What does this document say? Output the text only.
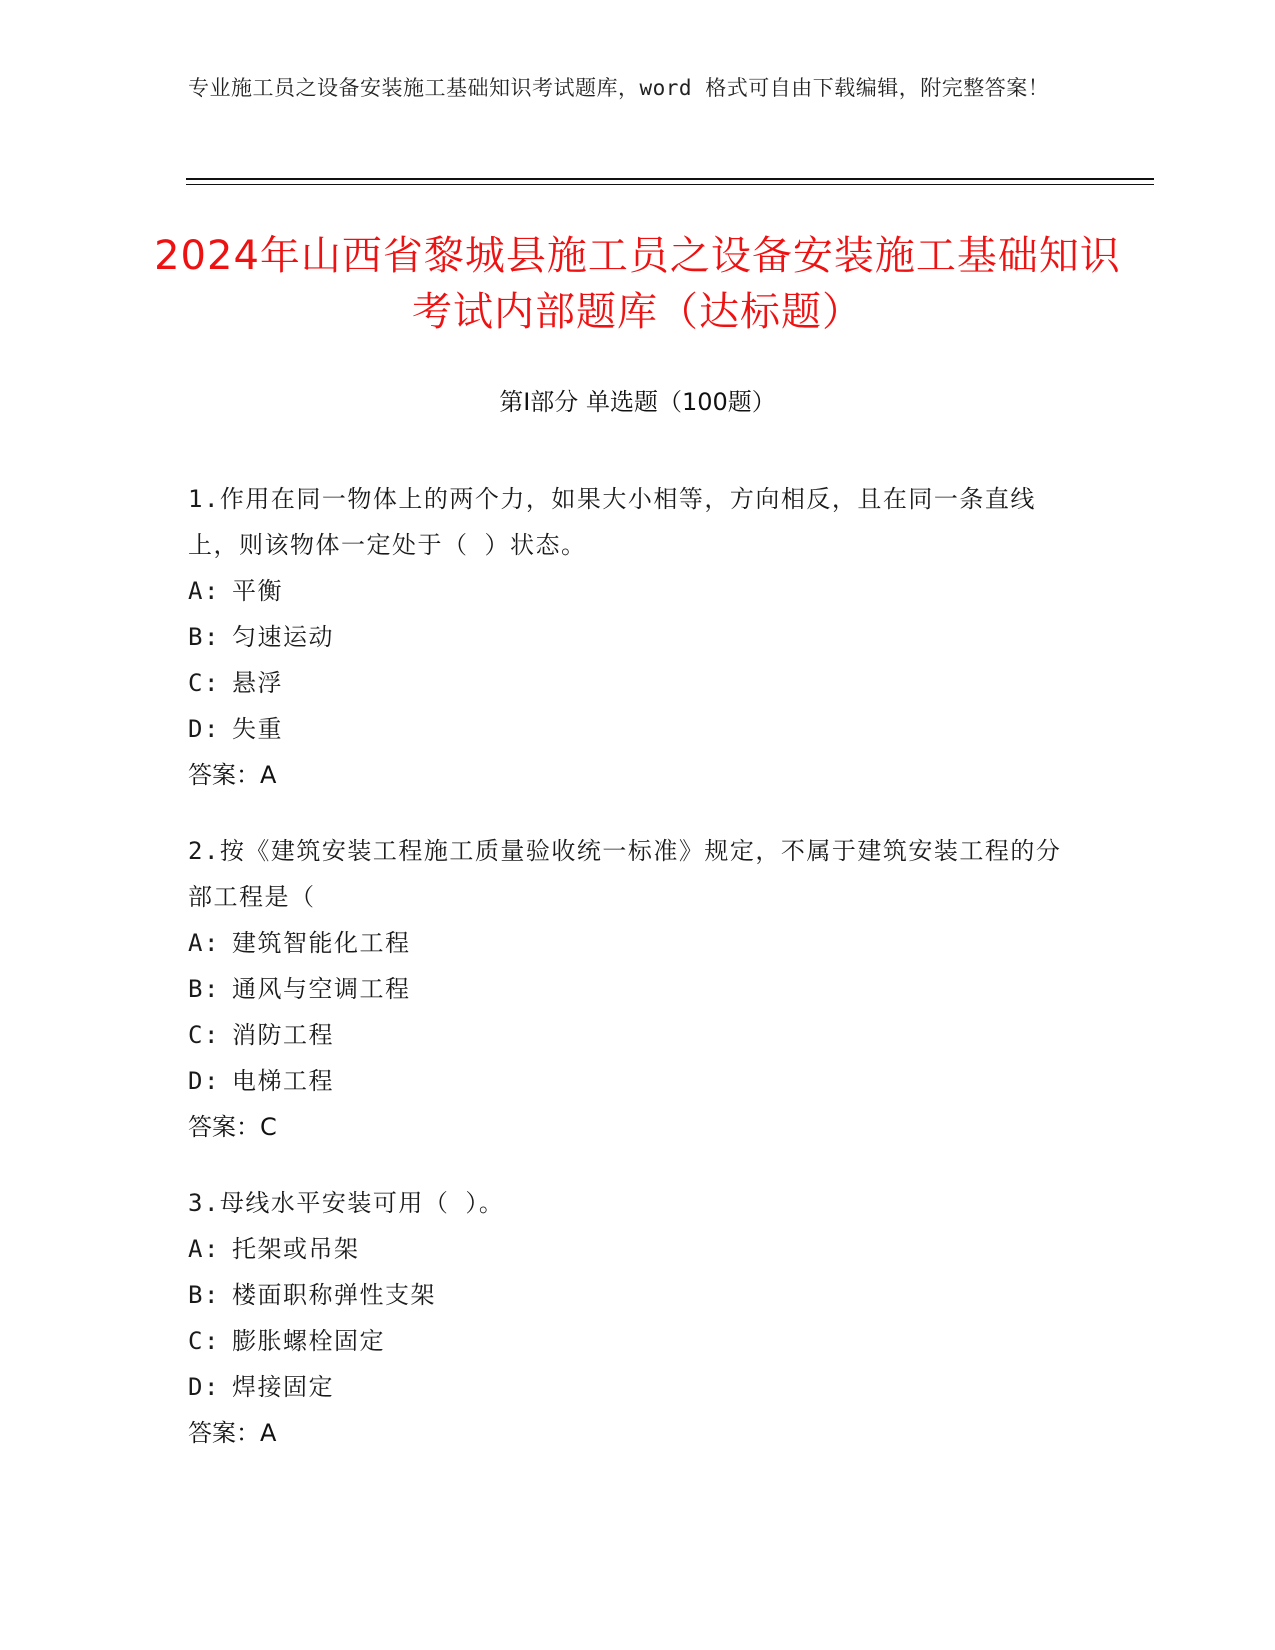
专业施工员之设备安装施工基础知识考试题库，word 格式可自由下载编辑，附完整答案！
2024年山西省黎城县施工员之设备安装施工基础知识考试内部题库（达标题）
第Ⅰ部分 单选题（100题）
1.作用在同一物体上的两个力，如果大小相等，方向相反，且在同一条直线上，则该物体一定处于（ ）状态。
A: 平衡
B: 匀速运动
C: 悬浮
D: 失重
答案：A
2.按《建筑安装工程施工质量验收统一标准》规定，不属于建筑安装工程的分部工程是（
A: 建筑智能化工程
B: 通风与空调工程
C: 消防工程
D: 电梯工程
答案：C
3.母线水平安装可用（ ）。
A: 托架或吊架
B: 楼面职称弹性支架
C: 膨胀螺栓固定
D: 焊接固定
答案：A
